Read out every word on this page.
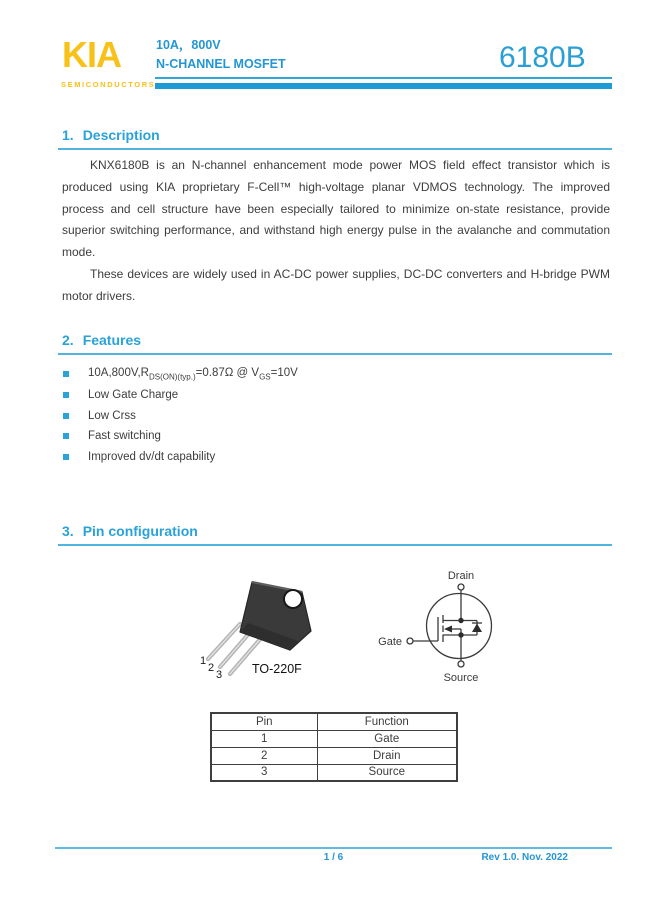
KIA
SEMICONDUCTORS
10A，800V
N-CHANNEL MOSFET	6180B
1. Description

KNX6180B is an N-channel enhancement mode power MOS field effect transistor which is produced using KIA proprietary F-Cell™ high-voltage planar VDMOS technology. The improved process and cell structure have been especially tailored to minimize on-state resistance, provide superior switching performance, and withstand high energy pulse in the avalanche and commutation mode.

These devices are widely used in AC-DC power supplies, DC-DC converters and H-bridge PWM motor drivers.

2. Features
$10A,800V,R_{DS(ON)(typ.)}=0.87\Omega$ @ $V_{GS}=10V$
Low Gate Charge
Low Crss
Fast switching
Improved dv/dt capability
3. Pin configuration
1
2
3 TO-220F
Drain
Gate
Source
Pin	Function
1	Gate
2	Drain
3	Source
1 / 6	Rev 1.0. Nov. 2022
